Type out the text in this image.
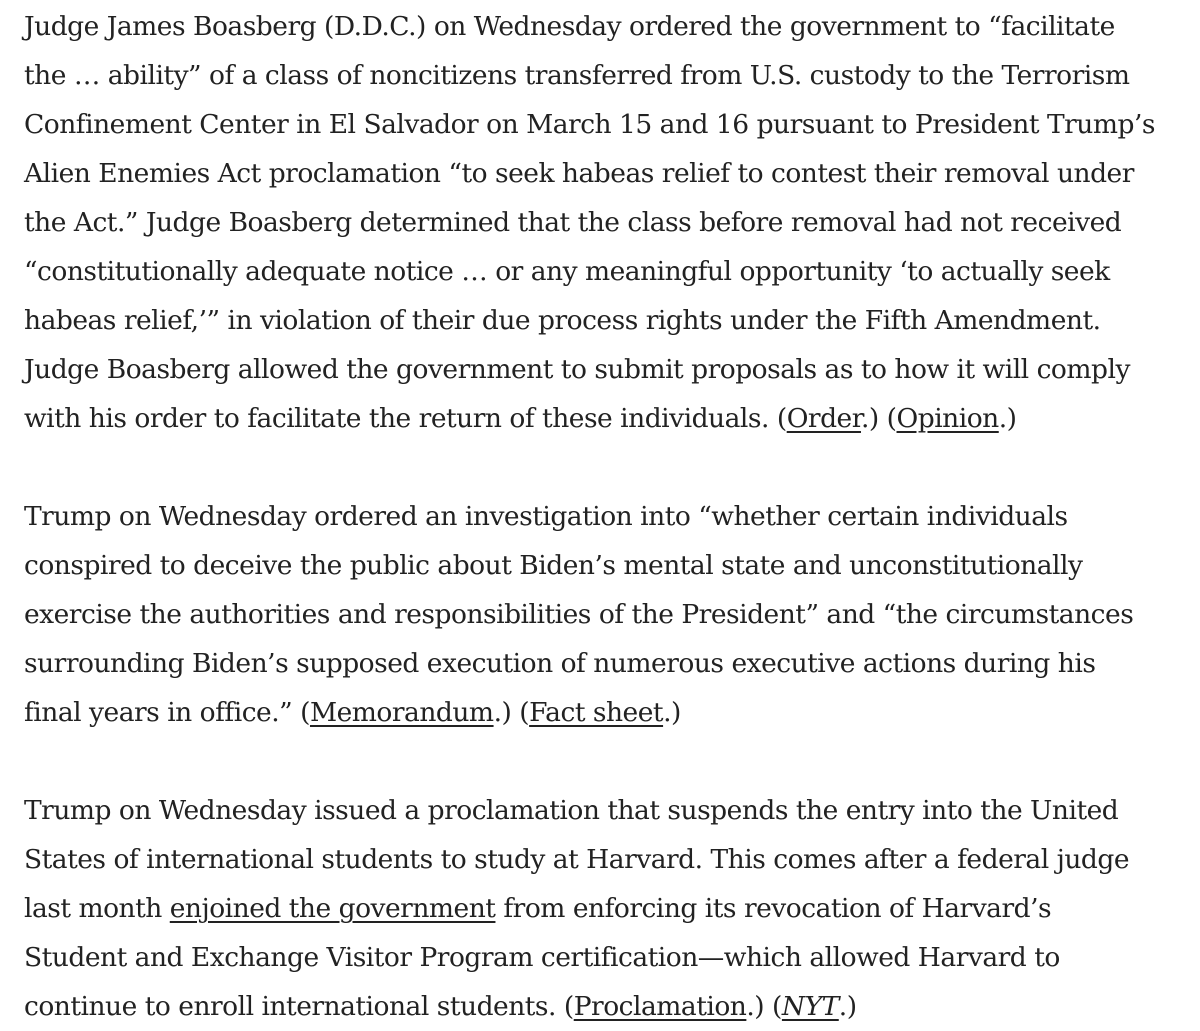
Judge James Boasberg (D.D.C.) on Wednesday ordered the government to “facilitate
the … ability” of a class of noncitizens transferred from U.S. custody to the Terrorism
Confinement Center in El Salvador on March 15 and 16 pursuant to President Trump’s
Alien Enemies Act proclamation “to seek habeas relief to contest their removal under
the Act.” Judge Boasberg determined that the class before removal had not received
“constitutionally adequate notice … or any meaningful opportunity ‘to actually seek
habeas relief,’” in violation of their due process rights under the Fifth Amendment.
Judge Boasberg allowed the government to submit proposals as to how it will comply
with his order to facilitate the return of these individuals. (Order.) (Opinion.)

Trump on Wednesday ordered an investigation into “whether certain individuals
conspired to deceive the public about Biden’s mental state and unconstitutionally
exercise the authorities and responsibilities of the President” and “the circumstances
surrounding Biden’s supposed execution of numerous executive actions during his
final years in office.” (Memorandum.) (Fact sheet.)

Trump on Wednesday issued a proclamation that suspends the entry into the United
States of international students to study at Harvard. This comes after a federal judge
last month enjoined the government from enforcing its revocation of Harvard’s
Student and Exchange Visitor Program certification—which allowed Harvard to
continue to enroll international students. (Proclamation.) (NYT.)
